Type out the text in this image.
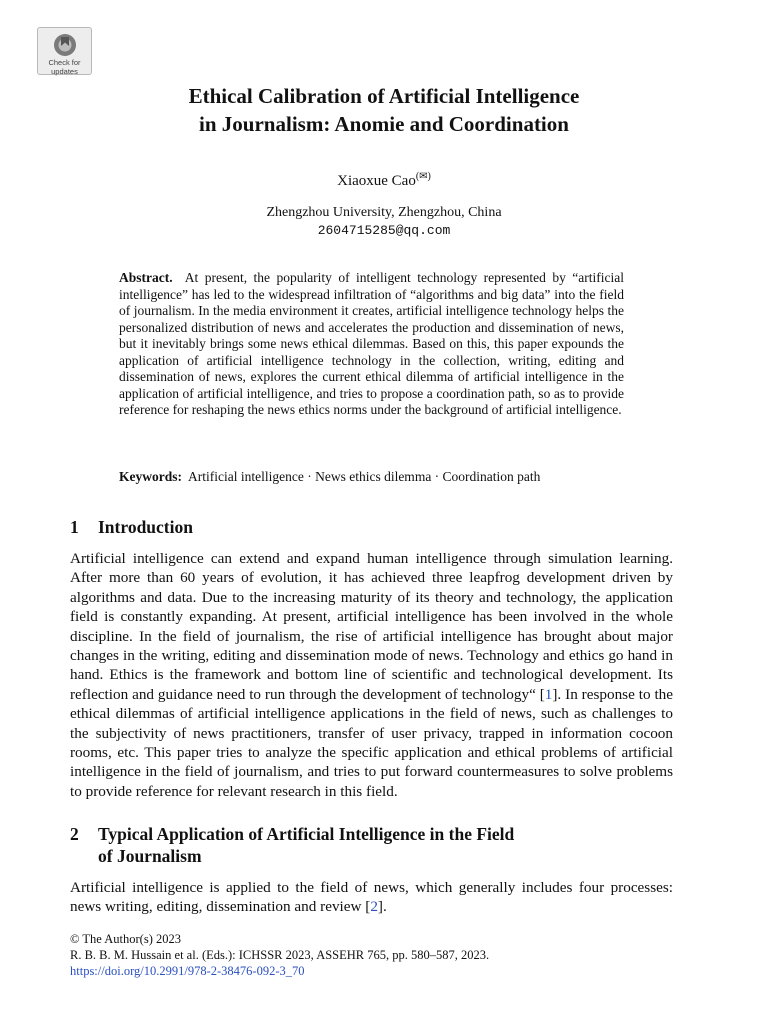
Check for
updates
Ethical Calibration of Artificial Intelligence
in Journalism: Anomie and Coordination
Xiaoxue Cao(✉)
Zhengzhou University, Zhengzhou, China
2604715285@qq.com
Abstract. At present, the popularity of intelligent technology represented by “artificial intelligence” has led to the widespread infiltration of “algorithms and big data” into the field of journalism. In the media environment it creates, artificial intelligence technology helps the personalized distribution of news and accelerates the production and dissemination of news, but it inevitably brings some news ethical dilemmas. Based on this, this paper expounds the application of artificial intelligence technology in the collection, writing, editing and dissemination of news, explores the current ethical dilemma of artificial intelligence in the application of artificial intelligence, and tries to propose a coordination path, so as to provide reference for reshaping the news ethics norms under the background of artificial intelligence.
Keywords: Artificial intelligence · News ethics dilemma · Coordination path
1 Introduction
Artificial intelligence can extend and expand human intelligence through simulation learning. After more than 60 years of evolution, it has achieved three leapfrog development driven by algorithms and data. Due to the increasing maturity of its theory and technology, the application field is constantly expanding. At present, artificial intelligence has been involved in the whole discipline. In the field of journalism, the rise of artificial intelligence has brought about major changes in the writing, editing and dissemination mode of news. Technology and ethics go hand in hand. Ethics is the framework and bottom line of scientific and technological development. Its reflection and guidance need to run through the development of technology“ [1]. In response to the ethical dilemmas of artificial intelligence applications in the field of news, such as challenges to the subjectivity of news practitioners, transfer of user privacy, trapped in information cocoon rooms, etc. This paper tries to analyze the specific application and ethical problems of artificial intelligence in the field of journalism, and tries to put forward countermeasures to solve problems to provide reference for relevant research in this field.
2 Typical Application of Artificial Intelligence in the Field
of Journalism
Artificial intelligence is applied to the field of news, which generally includes four processes: news writing, editing, dissemination and review [2].
© The Author(s) 2023
R. B. B. M. Hussain et al. (Eds.): ICHSSR 2023, ASSEHR 765, pp. 580–587, 2023.
https://doi.org/10.2991/978-2-38476-092-3_70
